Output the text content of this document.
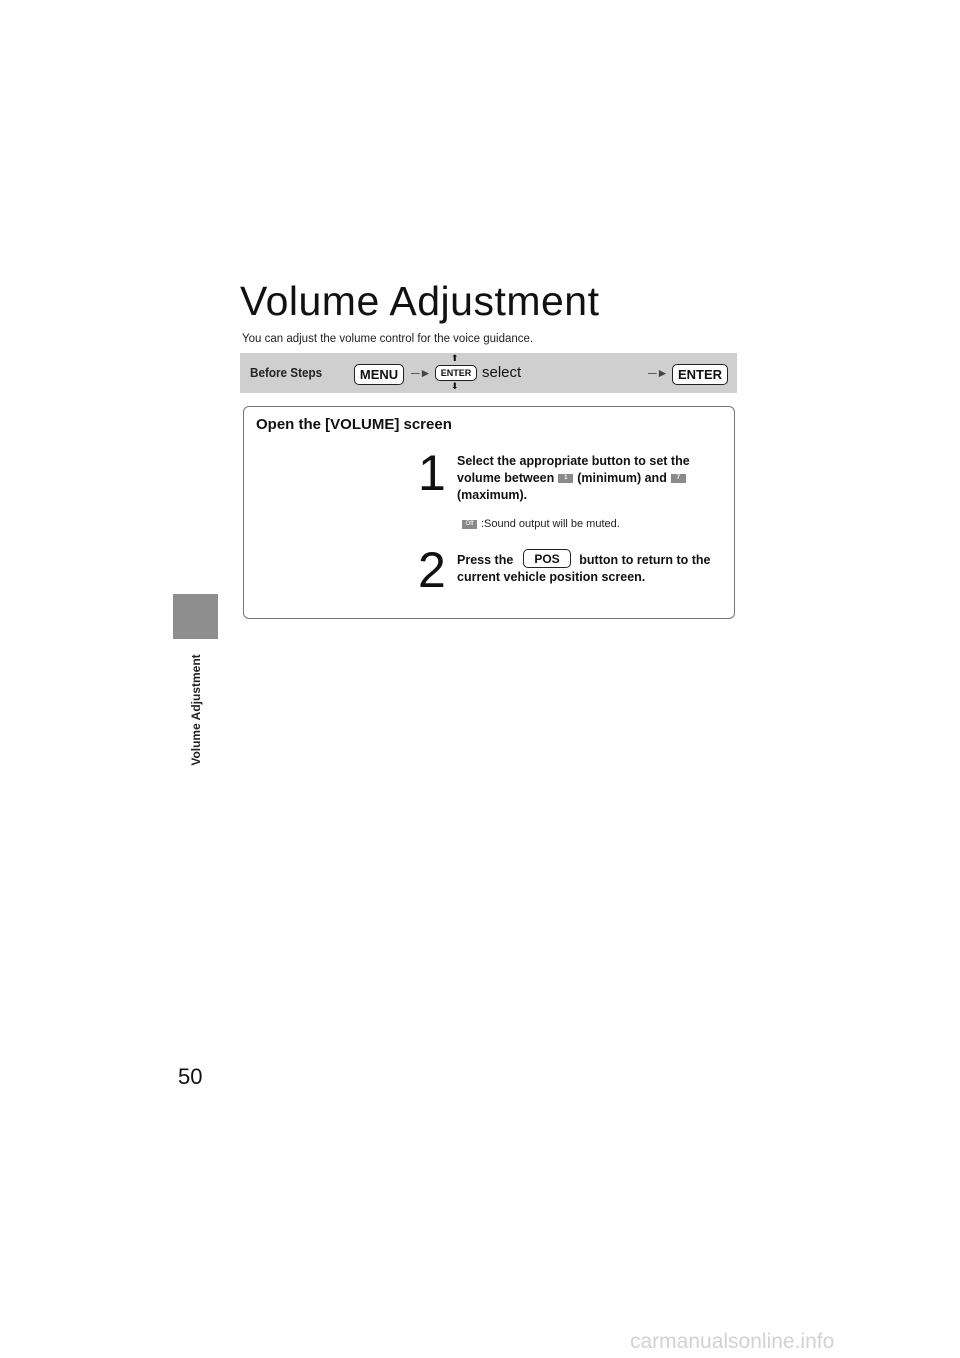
Volume Adjustment
50
Volume Adjustment
You can adjust the volume control for the voice guidance.
Before Steps	MENU	─►
⬆
ENTER
⬇
select	─► ENTER
Open the [VOLUME] screen
1 Select the appropriate button to set the
volume between 1 (minimum) and 7
(maximum).
Off :Sound output will be muted.
2 Press the	button to return to the
current vehicle position screen.
POS
carmanualsonline.info
